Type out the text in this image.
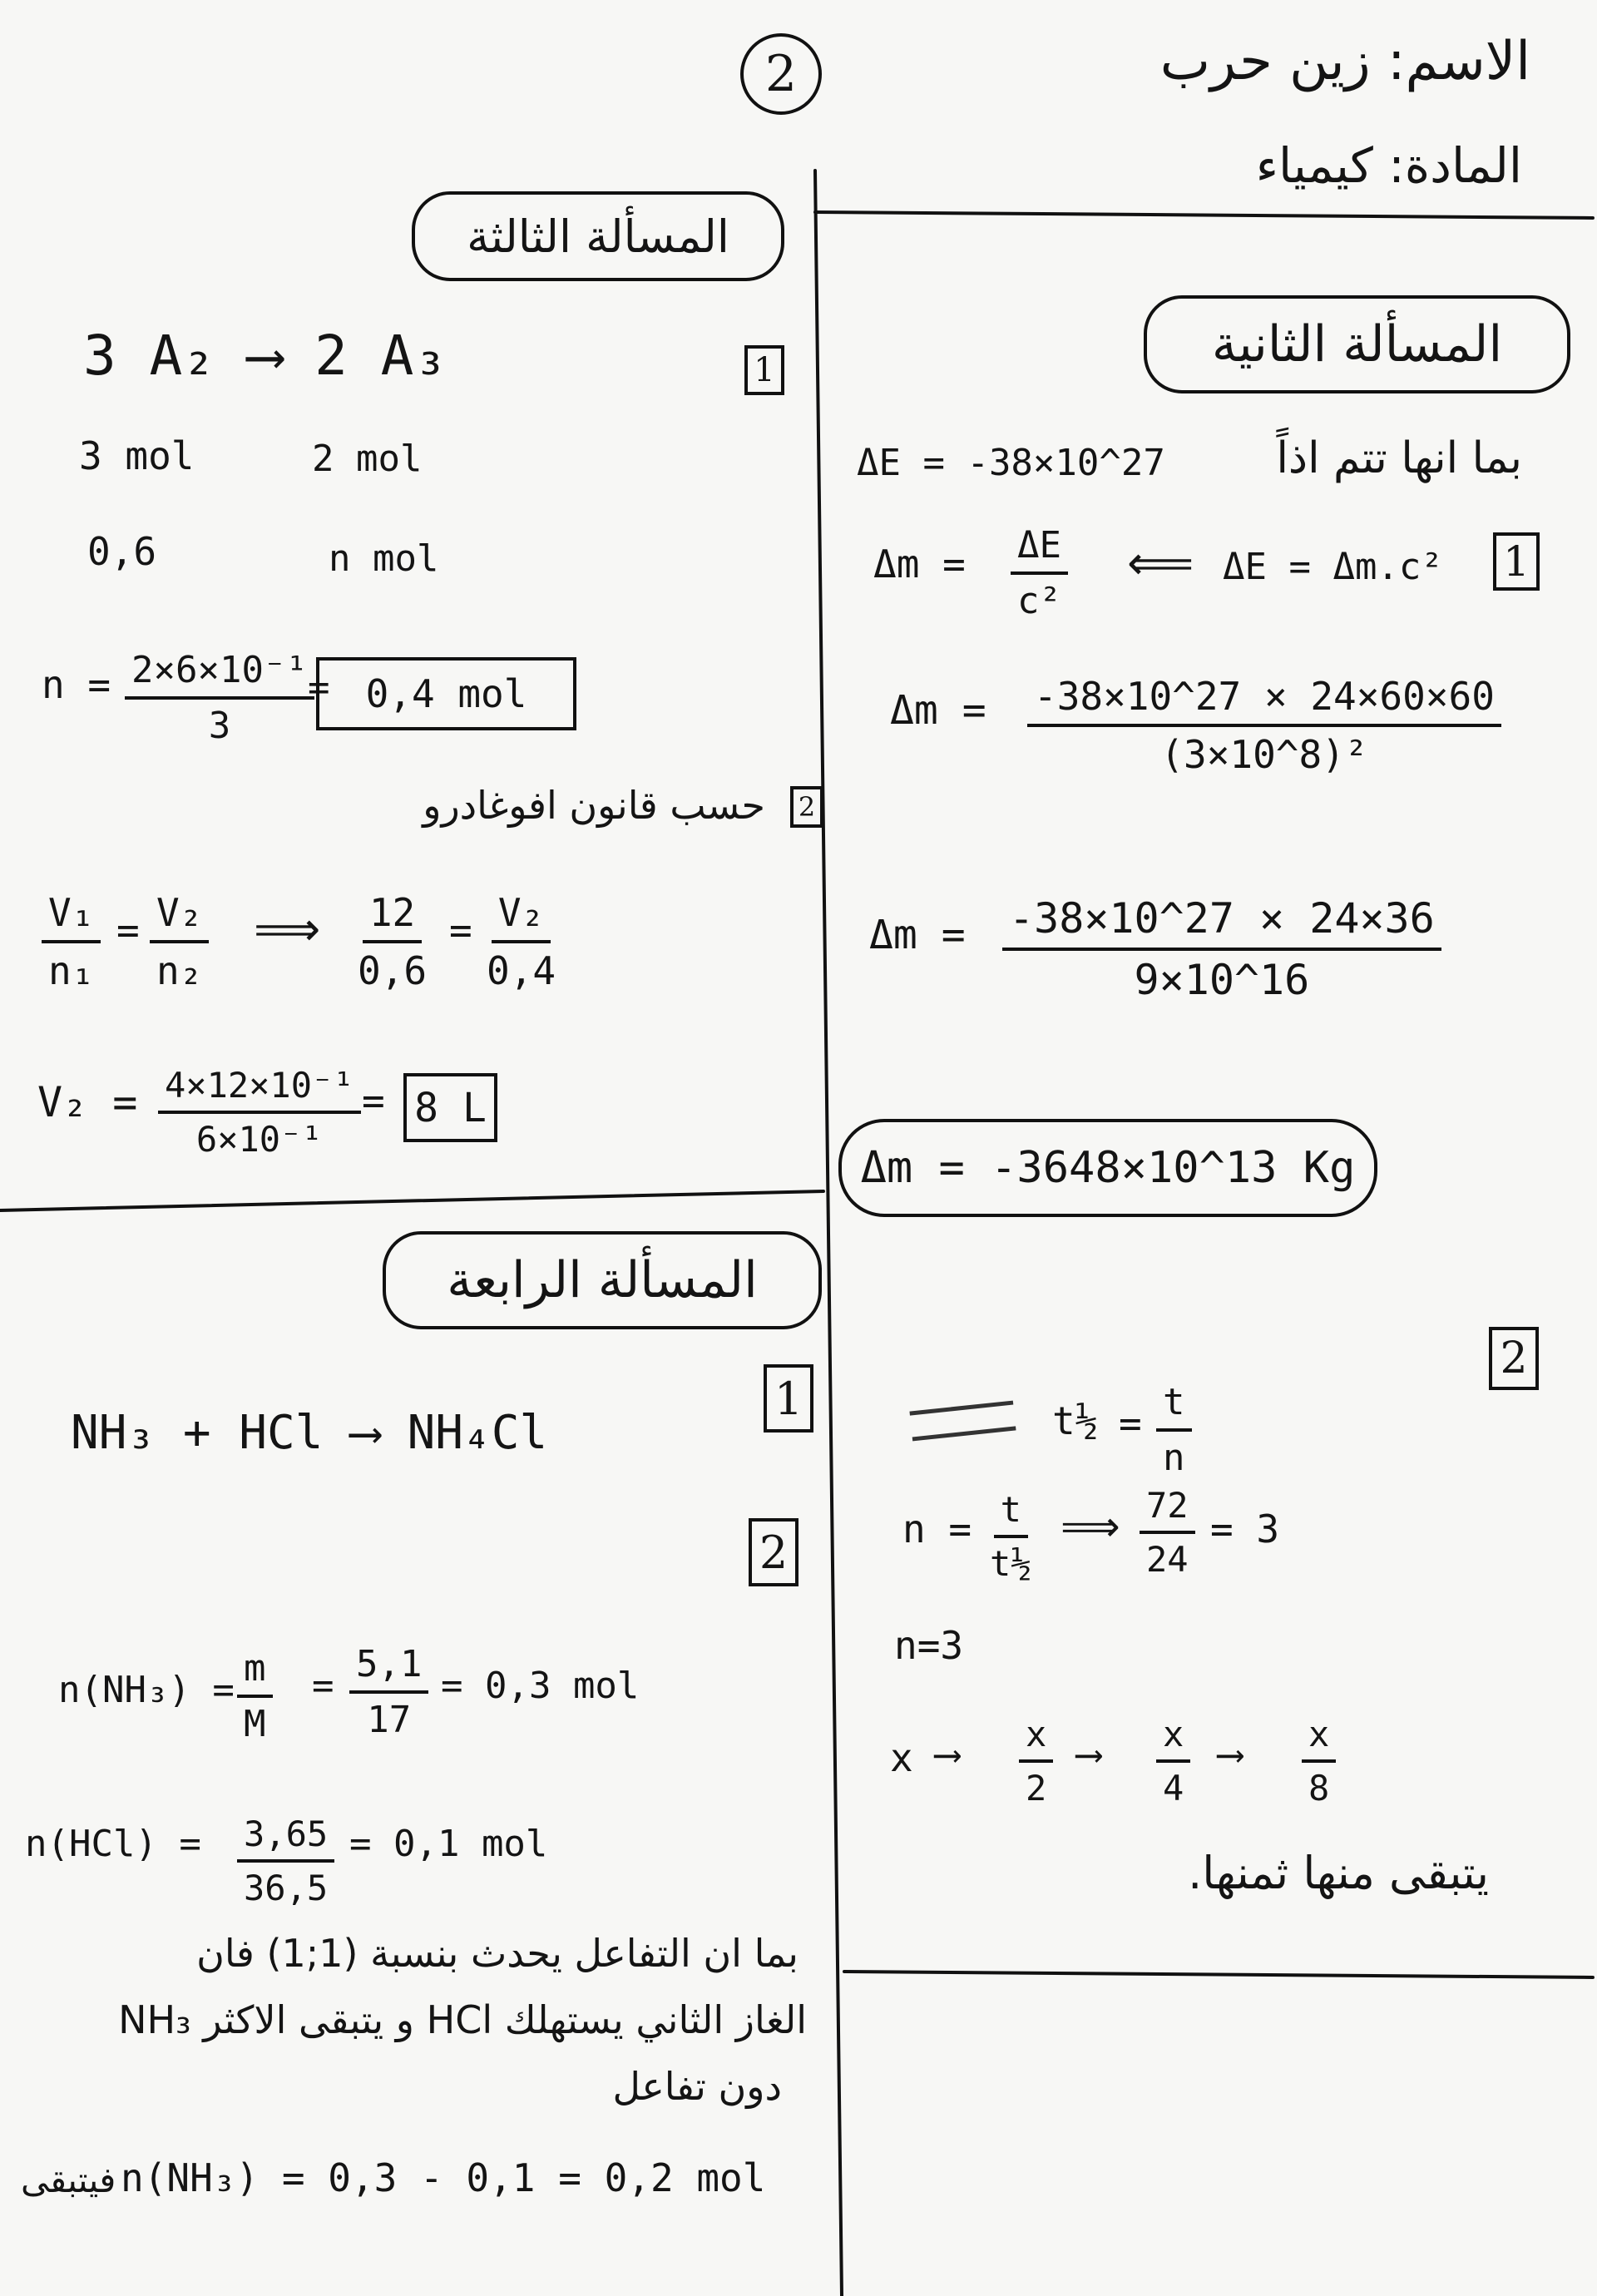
2	الاسم: زين حرب
المادة: كيمياء
المسألة الثانية
بما انها تتم اذاً
ΔE = -38×10^27
1
$\Delta m = \frac{\Delta E}{\text{c²}}$ ⟸ ΔE = Δm.c²
$\Delta m = \frac{-38\times 10\^{}27 \times 24\times 60\times 60}{\text{(3×10\textasciicircum{}8)²}}$
$\Delta m = \frac{-38\times 10\^{}27 \times 24\times 36}{9\times 10\^{}16}$
Δm = -3648×10^13 Kg
2
t½ = $\frac{t}{n}$
$n = \frac{t}{\text{t½}}$ ⟹ $\frac{72}{24} = 3$
n=3
x ⟶ $\frac{x}{2}$ ⟶ $\frac{x}{4}$ ⟶ $\frac{x}{8}$
يتبقى منها ثمنها.
المسألة الثالثة
1
3 A₂ ⟶ 2 A₃
3 mol	2 mol
0,6	n mol
$n = \frac{\text{2×6×10⁻¹}}{3}$
= 0,4 mol
2
حسب قانون افوغادرو
$\frac{\text{V₁}}{\text{n₁}} = \frac{\text{V₂}}{\text{n₂}}$ ⟹ $\frac{12}{0,6} = \frac{\text{V₂}}{0,4}$
$V_2 = \frac{\text{4×12×10⁻¹}}{\text{6×10⁻¹}} = 8$ L
المسألة الرابعة
1
NH₃ + HCl ⟶ NH₄Cl
2
$n(NH_3) = \frac{m}{M} = \frac{5,1}{17} = 0,3$ mol
$n(HCl) = \frac{3,65}{36,5} = 0,1$ mol
بما ان التفاعل يحدث بنسبة (1;1) فان
الغاز الثاني يستهلك HCl و يتبقى الاكثر NH₃
دون تفاعل
فيتبقى n(NH₃) = 0,3 - 0,1 = 0,2 mol
